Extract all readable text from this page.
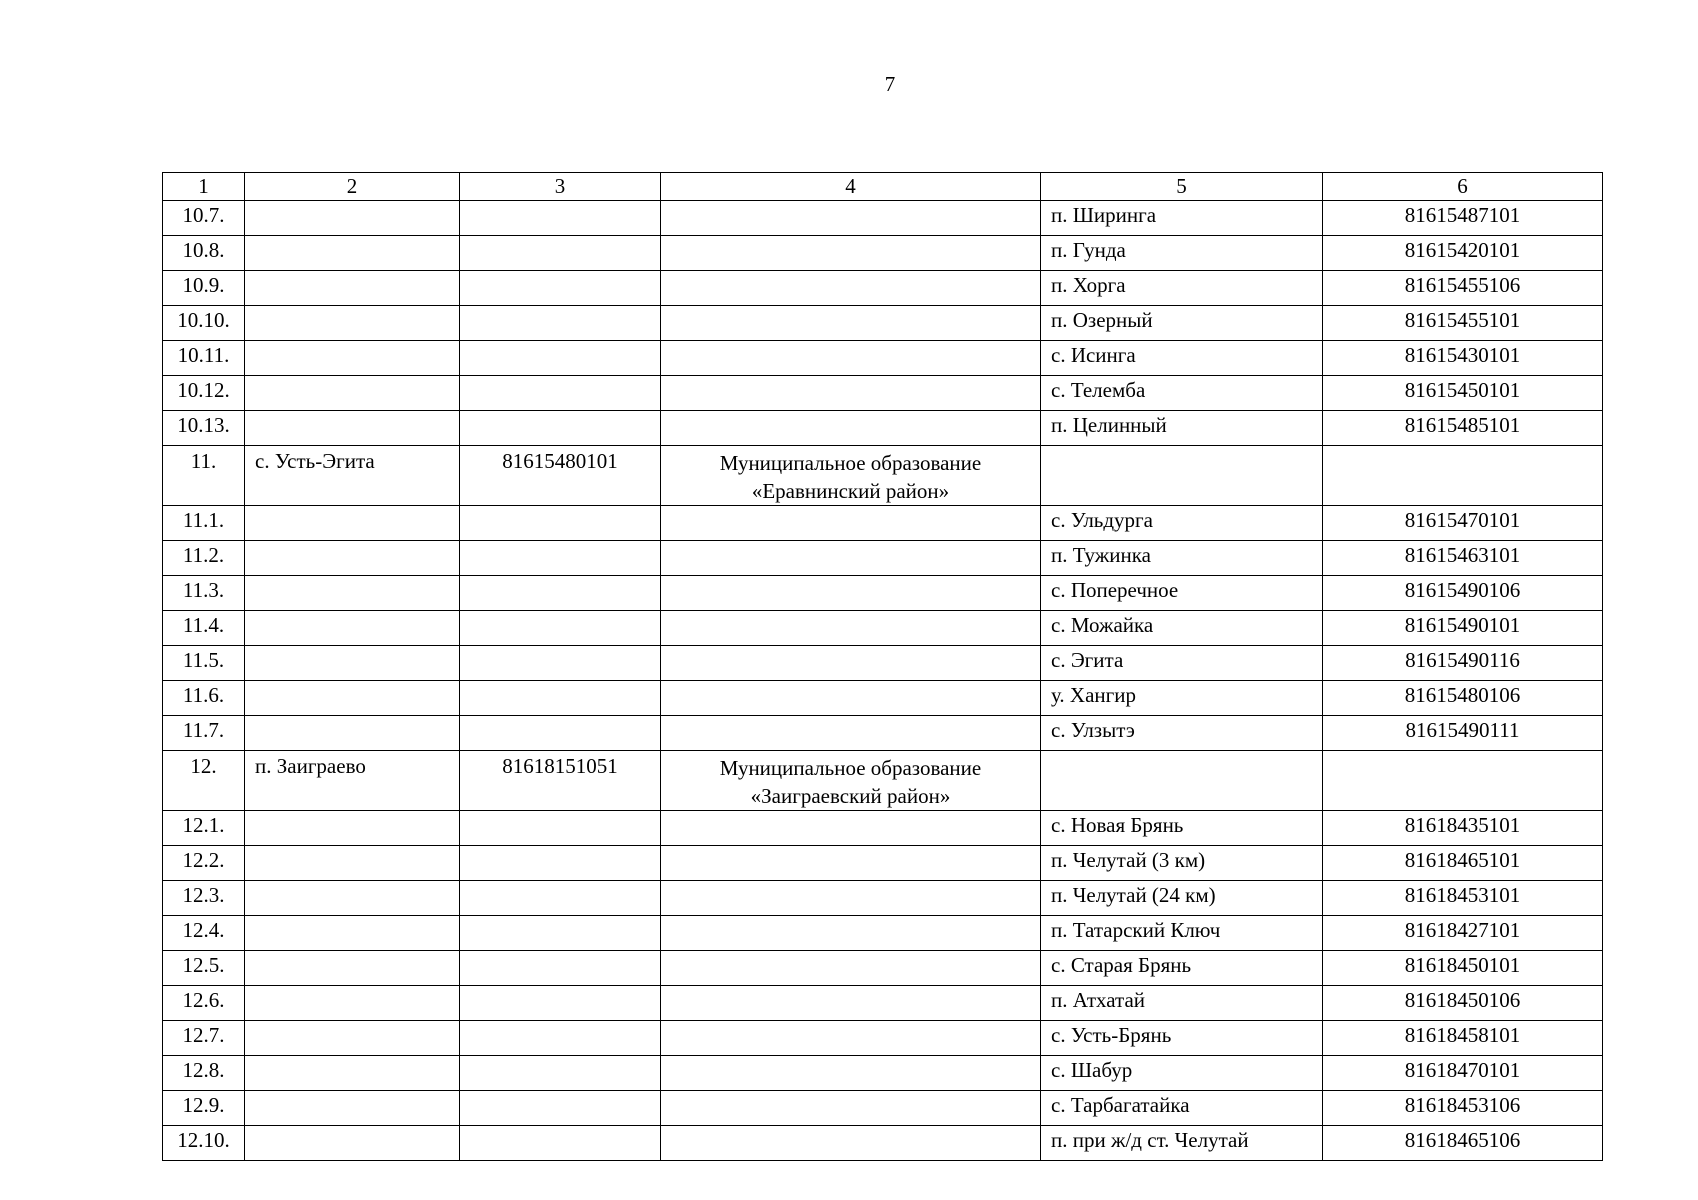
7
1	2	3	4	5	6
10.7.				п. Ширинга	81615487101
10.8.				п. Гунда	81615420101
10.9.				п. Хорга	81615455106
10.10.				п. Озерный	81615455101
10.11.				с. Исинга	81615430101
10.12.				с. Телемба	81615450101
10.13.				п. Целинный	81615485101
11.	с. Усть-Эгита	81615480101	Муниципальное образование
«Еравнинский район»		

11.1.				с. Ульдурга	81615470101
11.2.				п. Тужинка	81615463101
11.3.				с. Поперечное	81615490106
11.4.				с. Можайка	81615490101
11.5.				с. Эгита	81615490116
11.6.				у. Хангир	81615480106
11.7.				с. Улзытэ	81615490111
12.	п. Заиграево	81618151051	Муниципальное образование
«Заиграевский район»		

12.1.				с. Новая Брянь	81618435101
12.2.				п. Челутай (3 км)	81618465101
12.3.				п. Челутай (24 км)	81618453101
12.4.				п. Татарский Ключ	81618427101
12.5.				с. Старая Брянь	81618450101
12.6.				п. Атхатай	81618450106
12.7.				с. Усть-Брянь	81618458101
12.8.				с. Шабур	81618470101
12.9.				с. Тарбагатайка	81618453106
12.10.				п. при ж/д ст. Челутай	81618465106
